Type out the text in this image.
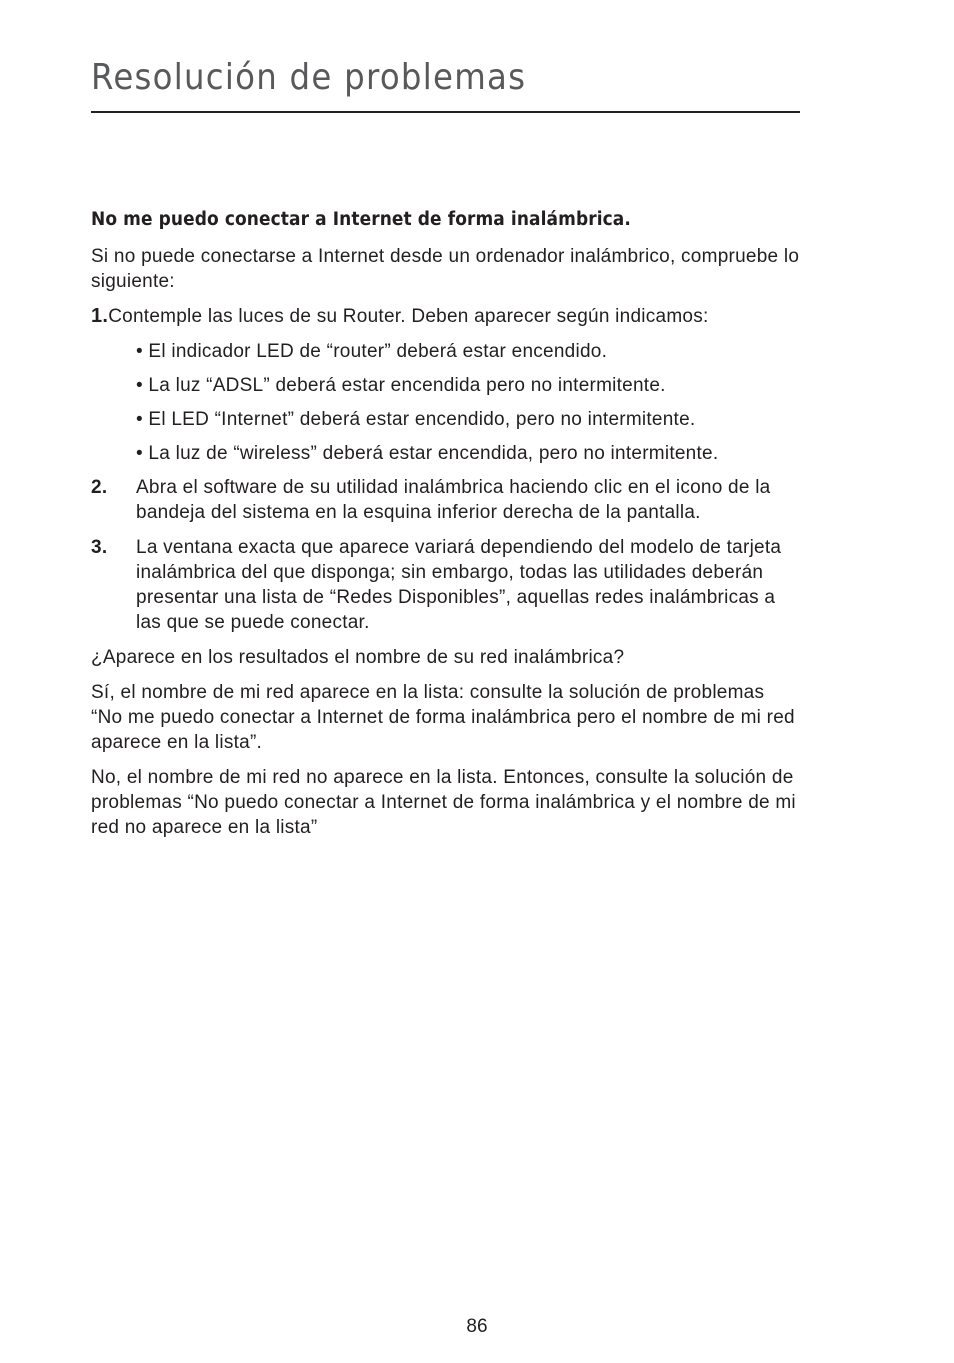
Resolución de problemas
No me puedo conectar a Internet de forma inalámbrica.

Si no puede conectarse a Internet desde un ordenador inalámbrico, compruebe lo siguiente:

1.Contemple las luces de su Router. Deben aparecer según indicamos:

• El indicador LED de “router” deberá estar encendido.

• La luz “ADSL” deberá estar encendida pero no intermitente.

• El LED “Internet” deberá estar encendido, pero no intermitente.

• La luz de “wireless” deberá estar encendida, pero no intermitente.

2. Abra el software de su utilidad inalámbrica haciendo clic en el icono de la bandeja del sistema en la esquina inferior derecha de la pantalla.
3. La ventana exacta que aparece variará dependiendo del modelo de tarjeta inalámbrica del que disponga; sin embargo, todas las utilidades deberán presentar una lista de “Redes Disponibles”, aquellas redes inalámbricas a las que se puede conectar.

¿Aparece en los resultados el nombre de su red inalámbrica?

Sí, el nombre de mi red aparece en la lista: consulte la solución de problemas “No me puedo conectar a Internet de forma inalámbrica pero el nombre de mi red aparece en la lista”.

No, el nombre de mi red no aparece en la lista. Entonces, consulte la solución de problemas “No puedo conectar a Internet de forma inalámbrica y el nombre de mi red no aparece en la lista”

86
